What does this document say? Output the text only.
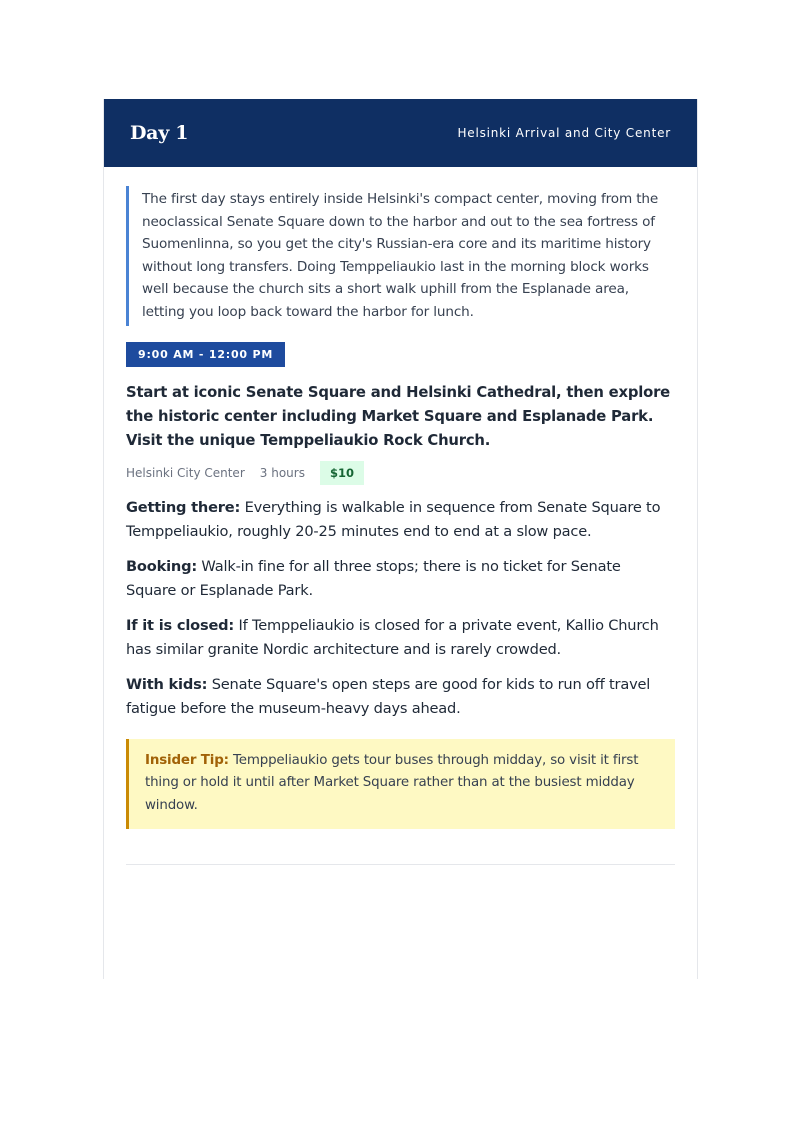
Day 1	Helsinki Arrival and City Center

The first day stays entirely inside Helsinki's compact center, moving from the neoclassical Senate Square down to the harbor and out to the sea fortress of Suomenlinna, so you get the city's Russian-era core and its maritime history without long transfers. Doing Temppeliaukio last in the morning block works well because the church sits a short walk uphill from the Esplanade area, letting you loop back toward the harbor for lunch.

9:00 AM - 12:00 PM
Start at iconic Senate Square and Helsinki Cathedral, then explore the historic center including Market Square and Esplanade Park. Visit the unique Temppeliaukio Rock Church.
Helsinki City Center 3 hours	$10

Getting there: Everything is walkable in sequence from Senate Square to Temppeliaukio, roughly 20-25 minutes end to end at a slow pace.

Booking: Walk-in fine for all three stops; there is no ticket for Senate Square or Esplanade Park.

If it is closed: If Temppeliaukio is closed for a private event, Kallio Church has similar granite Nordic architecture and is rarely crowded.

With kids: Senate Square's open steps are good for kids to run off travel fatigue before the museum-heavy days ahead.

Insider Tip: Temppeliaukio gets tour buses through midday, so visit it first thing or hold it until after Market Square rather than at the busiest midday window.
